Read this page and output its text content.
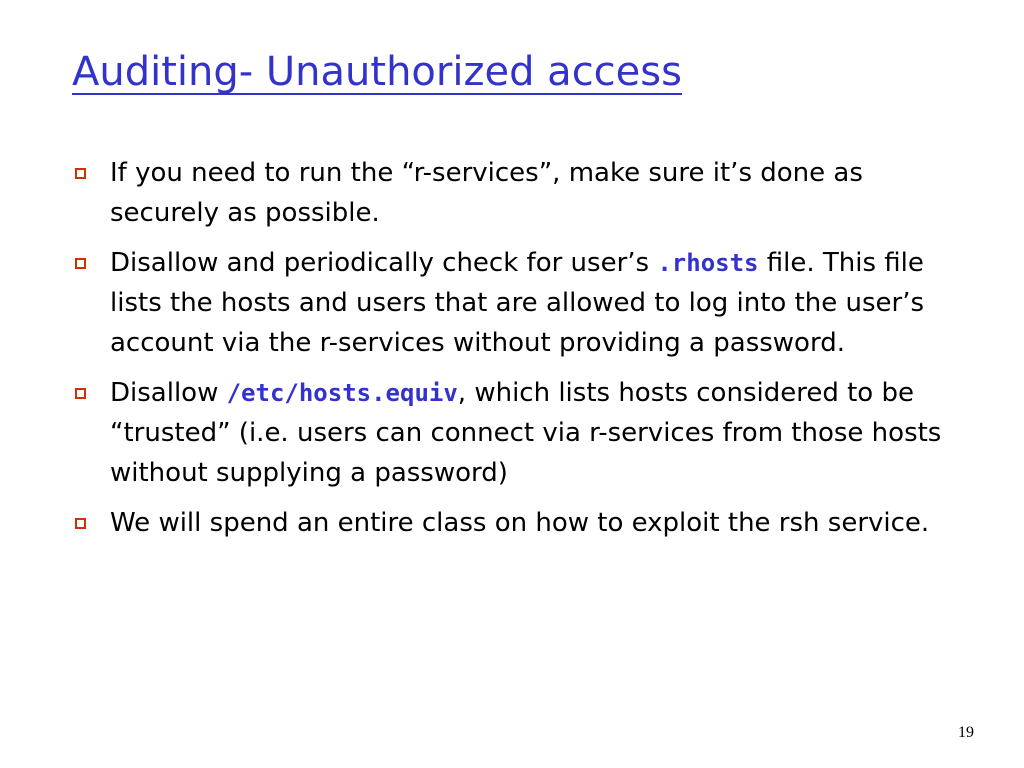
Auditing- Unauthorized access
If you need to run the “r-services”, make sure it’s done as securely as possible.
Disallow and periodically check for user’s .rhosts file. This file lists the hosts and users that are allowed to log into the user’s account via the r-services without providing a password.
Disallow /etc/hosts.equiv, which lists hosts considered to be “trusted” (i.e. users can connect via r-services from those hosts without supplying a password)
We will spend an entire class on how to exploit the rsh service.
19
